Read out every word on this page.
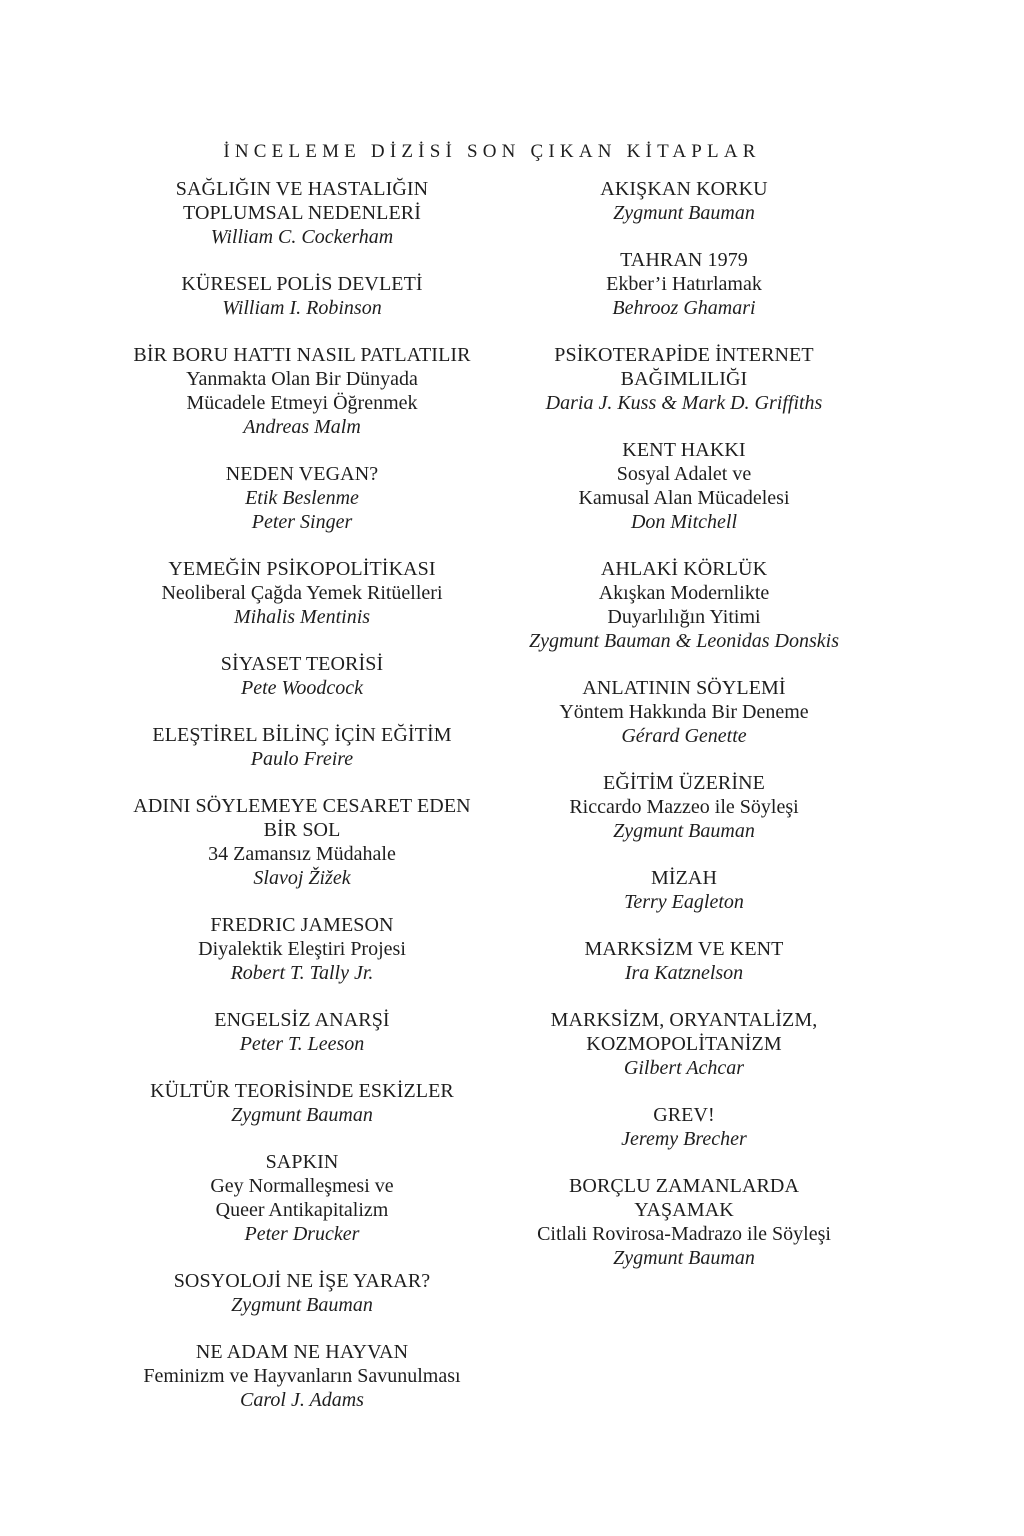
İNCELEME DİZİSİ SON ÇIKAN KİTAPLAR
SAĞLIĞIN VE HASTALIĞIN
TOPLUMSAL NEDENLERİ
William C. Cockerham
KÜRESEL POLİS DEVLETİ
William I. Robinson
BİR BORU HATTI NASIL PATLATILIR
Yanmakta Olan Bir Dünyada
Mücadele Etmeyi Öğrenmek
Andreas Malm
NEDEN VEGAN?
Etik Beslenme
Peter Singer
YEMEĞİN PSİKOPOLİTİKASI
Neoliberal Çağda Yemek Ritüelleri
Mihalis Mentinis
SİYASET TEORİSİ
Pete Woodcock
ELEŞTİREL BİLİNÇ İÇİN EĞİTİM
Paulo Freire
ADINI SÖYLEMEYE CESARET EDEN
BİR SOL
34 Zamansız Müdahale
Slavoj Žižek
FREDRIC JAMESON
Diyalektik Eleştiri Projesi
Robert T. Tally Jr.
ENGELSİZ ANARŞİ
Peter T. Leeson
KÜLTÜR TEORİSİNDE ESKİZLER
Zygmunt Bauman
SAPKIN
Gey Normalleşmesi ve
Queer Antikapitalizm
Peter Drucker
SOSYOLOJİ NE İŞE YARAR?
Zygmunt Bauman
NE ADAM NE HAYVAN
Feminizm ve Hayvanların Savunulması
Carol J. Adams
AKIŞKAN KORKU
Zygmunt Bauman
TAHRAN 1979
Ekber’i Hatırlamak
Behrooz Ghamari
PSİKOTERAPİDE İNTERNET
BAĞIMLILIĞI
Daria J. Kuss & Mark D. Griffiths
KENT HAKKI
Sosyal Adalet ve
Kamusal Alan Mücadelesi
Don Mitchell
AHLAKİ KÖRLÜK
Akışkan Modernlikte
Duyarlılığın Yitimi
Zygmunt Bauman & Leonidas Donskis
ANLATININ SÖYLEMİ
Yöntem Hakkında Bir Deneme
Gérard Genette
EĞİTİM ÜZERİNE
Riccardo Mazzeo ile Söyleşi
Zygmunt Bauman
MİZAH
Terry Eagleton
MARKSİZM VE KENT
Ira Katznelson
MARKSİZM, ORYANTALİZM,
KOZMOPOLİTANİZM
Gilbert Achcar
GREV!
Jeremy Brecher
BORÇLU ZAMANLARDA
YAŞAMAK
Citlali Rovirosa-Madrazo ile Söyleşi
Zygmunt Bauman
